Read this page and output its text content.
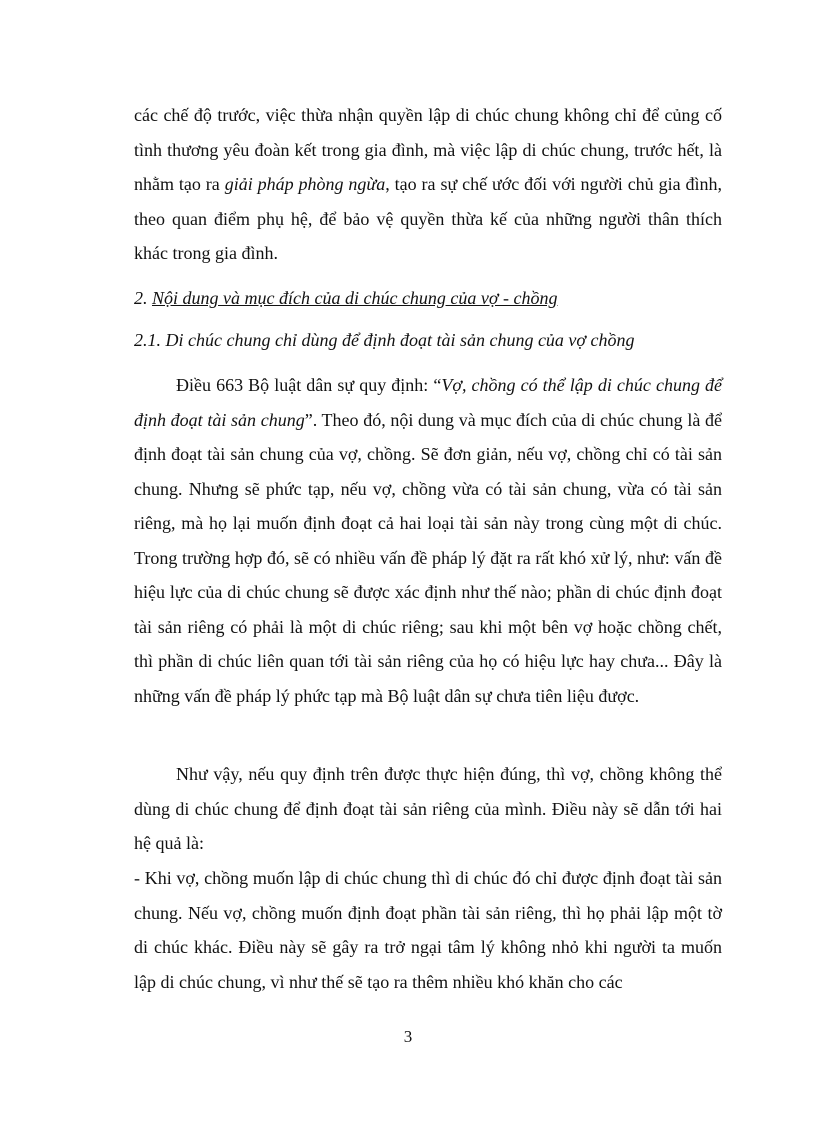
các chế độ trước, việc thừa nhận quyền lập di chúc chung không chỉ để củng cố tình thương yêu đoàn kết trong gia đình, mà việc lập di chúc chung, trước hết, là nhằm tạo ra giải pháp phòng ngừa, tạo ra sự chế ước đối với người chủ gia đình, theo quan điểm phụ hệ, để bảo vệ quyền thừa kế của những người thân thích khác trong gia đình.

2. Nội dung và mục đích của di chúc chung của vợ - chồng

2.1. Di chúc chung chỉ dùng để định đoạt tài sản chung của vợ chồng

Điều 663 Bộ luật dân sự quy định: “Vợ, chồng có thể lập di chúc chung để định đoạt tài sản chung”. Theo đó, nội dung và mục đích của di chúc chung là để định đoạt tài sản chung của vợ, chồng. Sẽ đơn giản, nếu vợ, chồng chỉ có tài sản chung. Nhưng sẽ phức tạp, nếu vợ, chồng vừa có tài sản chung, vừa có tài sản riêng, mà họ lại muốn định đoạt cả hai loại tài sản này trong cùng một di chúc. Trong trường hợp đó, sẽ có nhiều vấn đề pháp lý đặt ra rất khó xử lý, như: vấn đề hiệu lực của di chúc chung sẽ được xác định như thế nào; phần di chúc định đoạt tài sản riêng có phải là một di chúc riêng; sau khi một bên vợ hoặc chồng chết, thì phần di chúc liên quan tới tài sản riêng của họ có hiệu lực hay chưa... Đây là những vấn đề pháp lý phức tạp mà Bộ luật dân sự chưa tiên liệu được.

Như vậy, nếu quy định trên được thực hiện đúng, thì vợ, chồng không thể dùng di chúc chung để định đoạt tài sản riêng của mình. Điều này sẽ dẫn tới hai hệ quả là:

- Khi vợ, chồng muốn lập di chúc chung thì di chúc đó chỉ được định đoạt tài sản chung. Nếu vợ, chồng muốn định đoạt phần tài sản riêng, thì họ phải lập một tờ di chúc khác. Điều này sẽ gây ra trở ngại tâm lý không nhỏ khi người ta muốn lập di chúc chung, vì như thế sẽ tạo ra thêm nhiều khó khăn cho các

3
